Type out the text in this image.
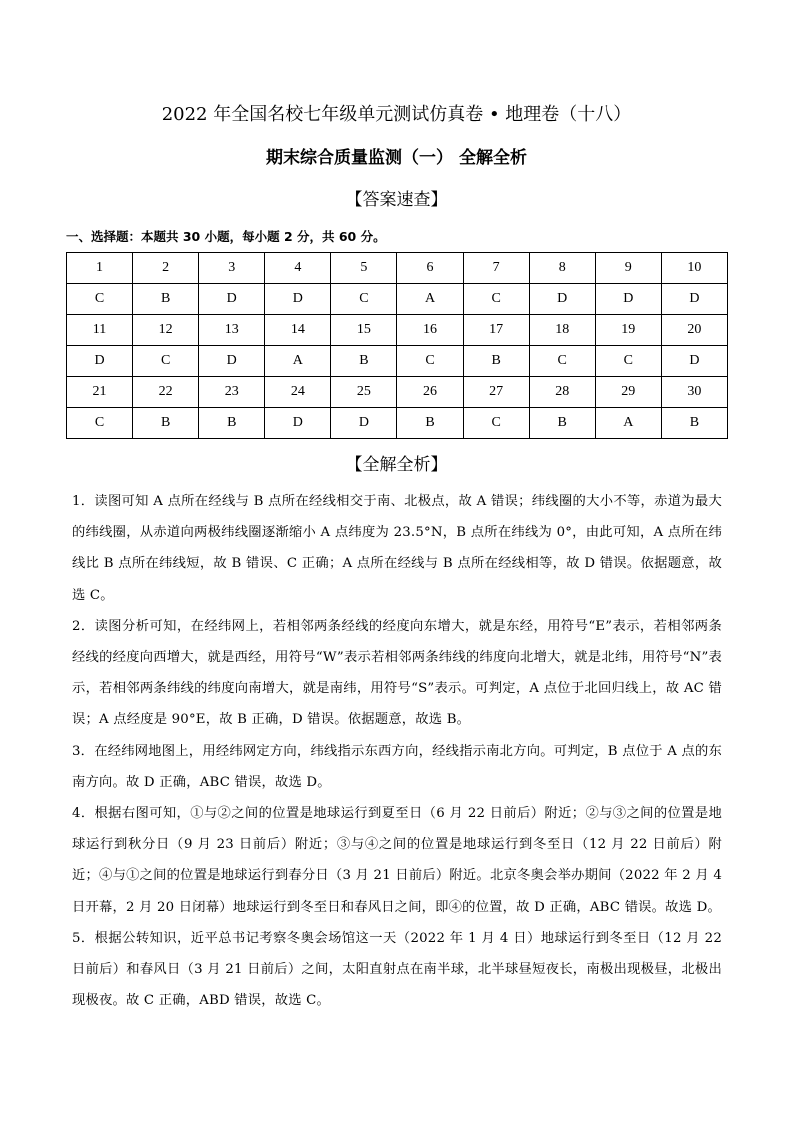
2022 年全国名校七年级单元测试仿真卷 • 地理卷（十八）
期末综合质量监测（一） 全解全析
【答案速查】
一、选择题：本题共 30 小题，每小题 2 分，共 60 分。
1	2	3	4	5	6	7	8	9	10
C	B	D	D	C	A	C	D	D	D
11	12	13	14	15	16	17	18	19	20
D	C	D	A	B	C	B	C	C	D
21	22	23	24	25	26	27	28	29	30
C	B	B	D	D	B	C	B	A	B
【全解全析】

1．读图可知 A 点所在经线与 B 点所在经线相交于南、北极点，故 A 错误；纬线圈的大小不等，赤道为最大的纬线圈，从赤道向两极纬线圈逐渐缩小 A 点纬度为 23.5°N，B 点所在纬线为 0°，由此可知，A 点所在纬线比 B 点所在纬线短，故 B 错误、C 正确；A 点所在经线与 B 点所在经线相等，故 D 错误。依据题意，故选 C。

2．读图分析可知，在经纬网上，若相邻两条经线的经度向东增大，就是东经，用符号“E”表示，若相邻两条经线的经度向西增大，就是西经，用符号“W”表示若相邻两条纬线的纬度向北增大，就是北纬，用符号“N”表示，若相邻两条纬线的纬度向南增大，就是南纬，用符号“S”表示。可判定，A 点位于北回归线上，故 AC 错误；A 点经度是 90°E，故 B 正确，D 错误。依据题意，故选 B。

3．在经纬网地图上，用经纬网定方向，纬线指示东西方向，经线指示南北方向。可判定，B 点位于 A 点的东南方向。故 D 正确，ABC 错误，故选 D。

4．根据右图可知，①与②之间的位置是地球运行到夏至日（6 月 22 日前后）附近；②与③之间的位置是地球运行到秋分日（9 月 23 日前后）附近；③与④之间的位置是地球运行到冬至日（12 月 22 日前后）附近；④与①之间的位置是地球运行到春分日（3 月 21 日前后）附近。北京冬奥会举办期间（2022 年 2 月 4 日开幕，2 月 20 日闭幕）地球运行到冬至日和春风日之间，即④的位置，故 D 正确，ABC 错误。故选 D。

5．根据公转知识，近平总书记考察冬奥会场馆这一天（2022 年 1 月 4 日）地球运行到冬至日（12 月 22 日前后）和春风日（3 月 21 日前后）之间，太阳直射点在南半球，北半球昼短夜长，南极出现极昼，北极出现极夜。故 C 正确，ABD 错误，故选 C。
